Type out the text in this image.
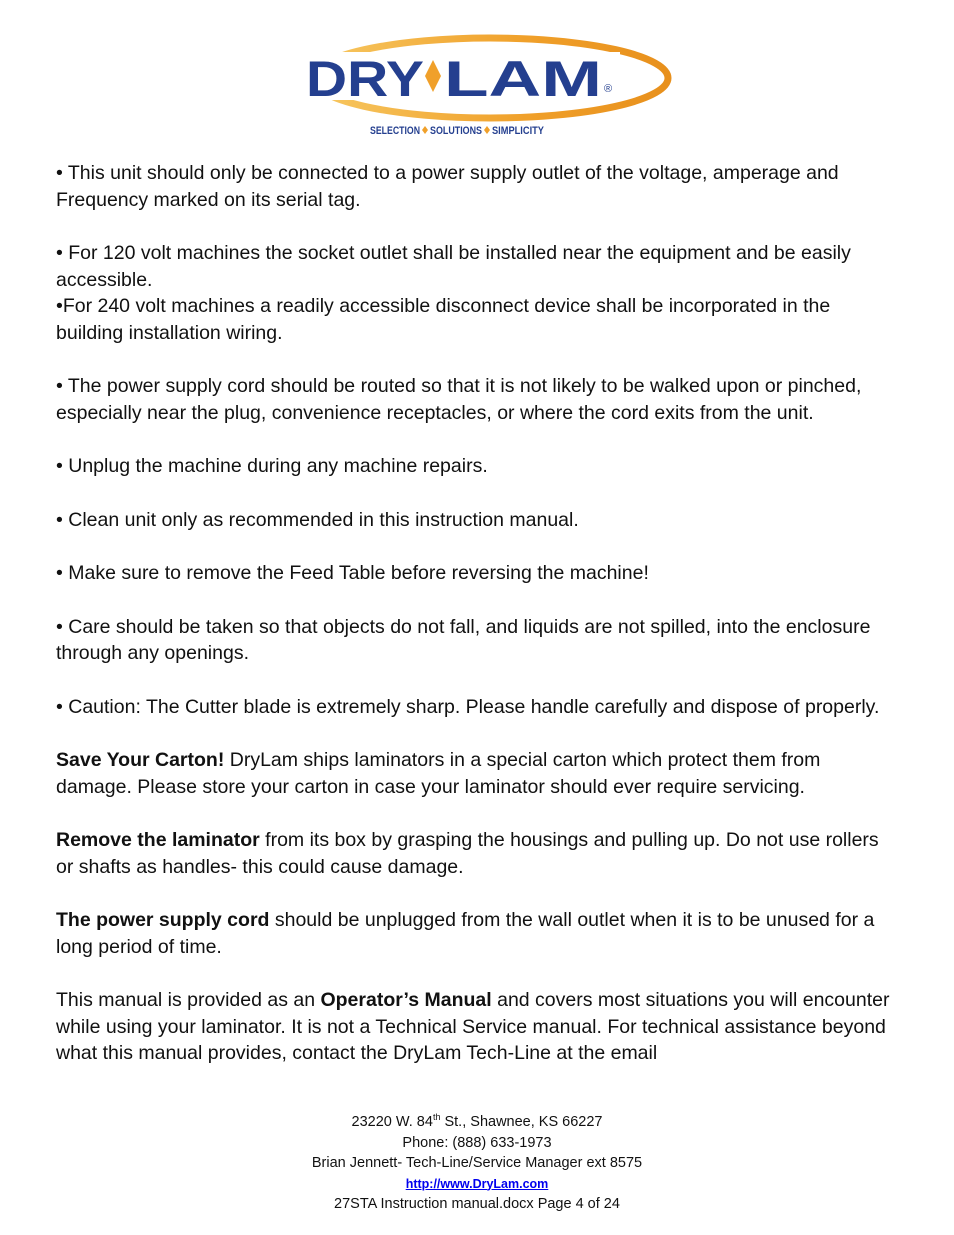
DRY LAM ®
SELECTION SOLUTIONS SIMPLICITY

• This unit should only be connected to a power supply outlet of the voltage, amperage and Frequency marked on its serial tag.

• For 120 volt machines the socket outlet shall be installed near the equipment and be easily accessible.

•For 240 volt machines a readily accessible disconnect device shall be incorporated in the building installation wiring.

• The power supply cord should be routed so that it is not likely to be walked upon or pinched, especially near the plug, convenience receptacles, or where the cord exits from the unit.

• Unplug the machine during any machine repairs.

• Clean unit only as recommended in this instruction manual.

• Make sure to remove the Feed Table before reversing the machine!

• Care should be taken so that objects do not fall, and liquids are not spilled, into the enclosure through any openings.

• Caution: The Cutter blade is extremely sharp. Please handle carefully and dispose of properly.

Save Your Carton! DryLam ships laminators in a special carton which protect them from damage. Please store your carton in case your laminator should ever require servicing.

Remove the laminator from its box by grasping the housings and pulling up. Do not use rollers or shafts as handles- this could cause damage.

The power supply cord should be unplugged from the wall outlet when it is to be unused for a long period of time.

This manual is provided as an Operator’s Manual and covers most situations you will encounter while using your laminator. It is not a Technical Service manual. For technical assistance beyond what this manual provides, contact the DryLam Tech-Line at the email

23220 W. 84th St., Shawnee, KS 66227
Phone: (888) 633-1973
Brian Jennett- Tech-Line/Service Manager ext 8575
http://www.DryLam.com
27STA Instruction manual.docx Page 4 of 24
